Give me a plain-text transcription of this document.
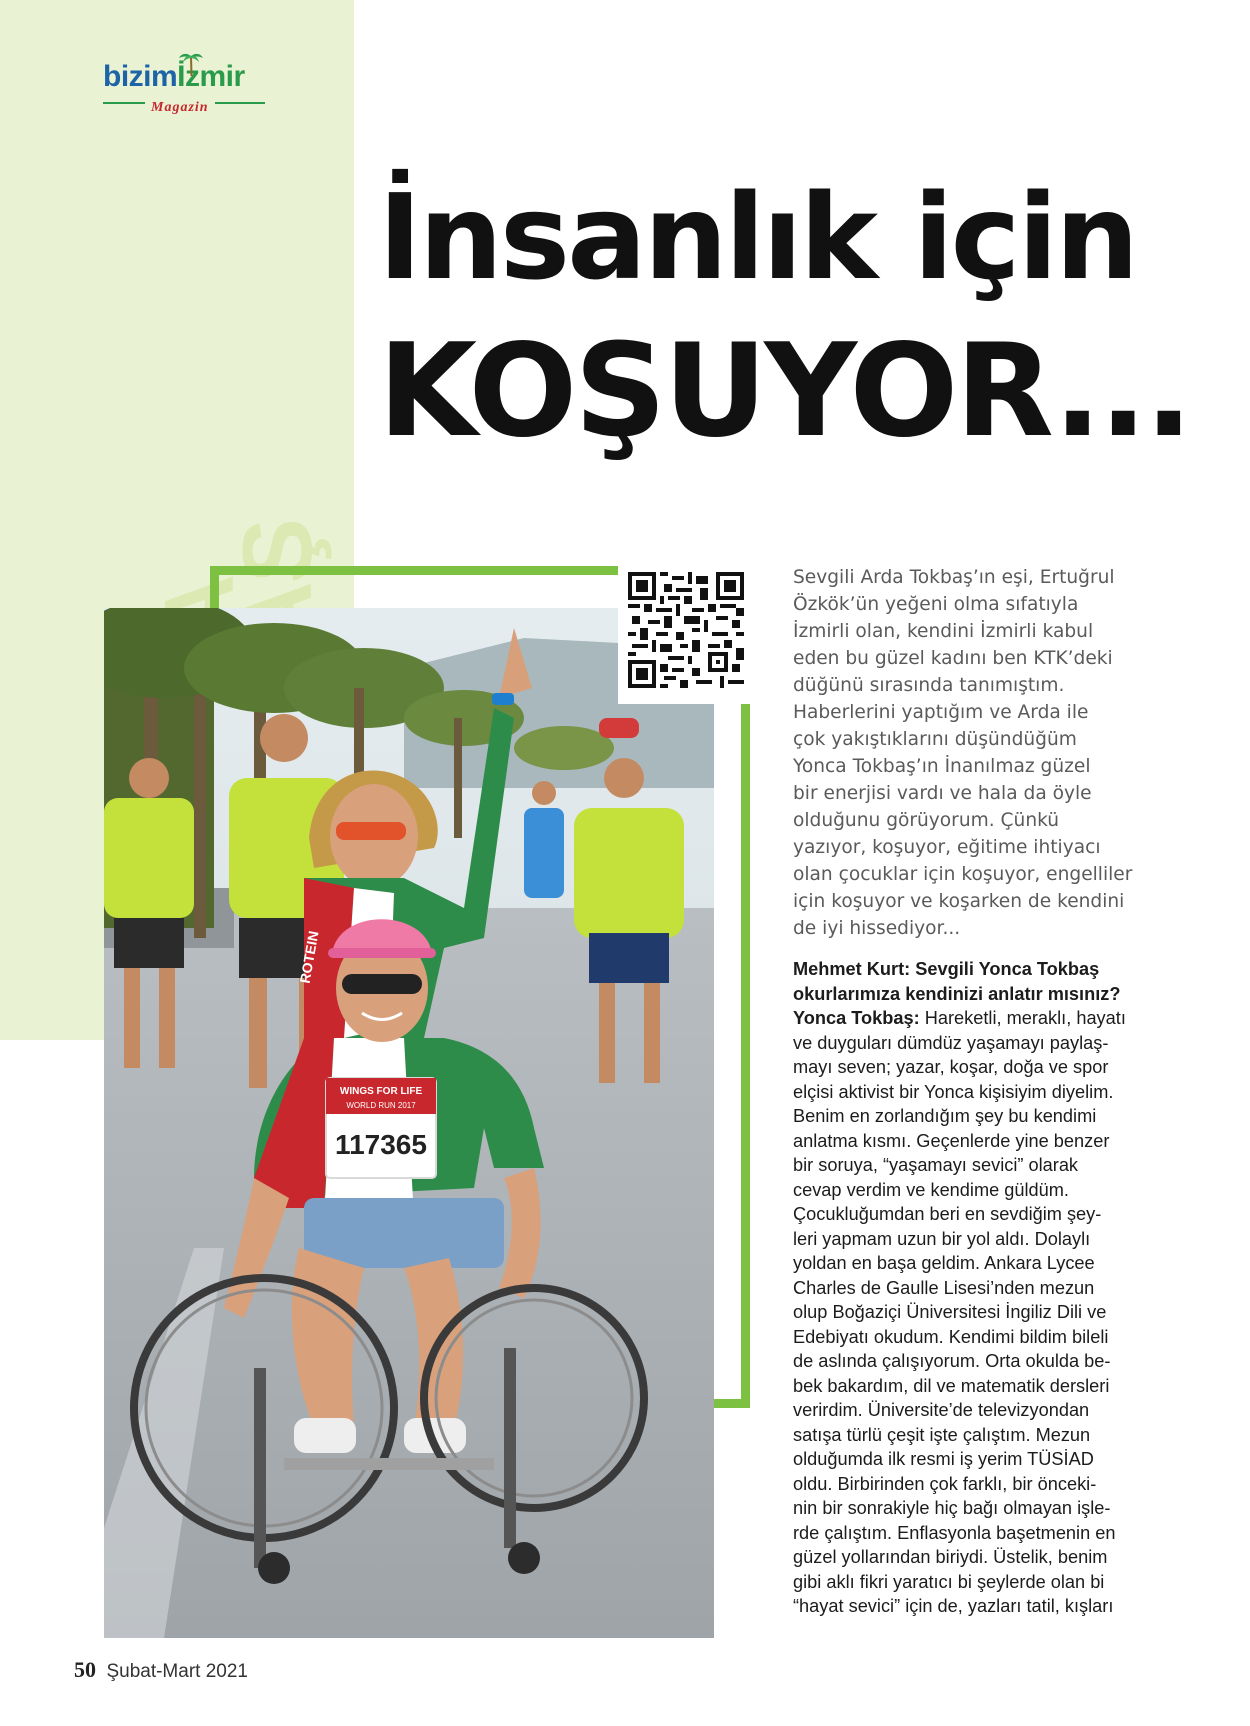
bizimİzmir
Magazin
İnsanlık için
KOŞUYOR...
WINGS FOR LIFE
WORLD RUN 2017
117365
ROTEIN

Sevgili Arda Tokbaş’ın eşi, Ertuğrul

Özkök’ün yeğeni olma sıfatıyla

İzmirli olan, kendini İzmirli kabul

eden bu güzel kadını ben KTK’deki

düğünü sırasında tanımıştım.

Haberlerini yaptığım ve Arda ile

çok yakıştıklarını düşündüğüm

Yonca Tokbaş’ın İnanılmaz güzel

bir enerjisi vardı ve hala da öyle

olduğunu görüyorum. Çünkü

yazıyor, koşuyor, eğitime ihtiyacı

olan çocuklar için koşuyor, engelliler

için koşuyor ve koşarken de kendini

de iyi hissediyor...

Mehmet Kurt: Sevgili Yonca Tokbaş

okurlarımıza kendinizi anlatır mısınız?

Yonca Tokbaş: Hareketli, meraklı, hayatı

ve duyguları dümdüz yaşamayı paylaş-

mayı seven; yazar, koşar, doğa ve spor

elçisi aktivist bir Yonca kişisiyim diyelim.

Benim en zorlandığım şey bu kendimi

anlatma kısmı. Geçenlerde yine benzer

bir soruya, “yaşamayı sevici” olarak

cevap verdim ve kendime güldüm.

Çocukluğumdan beri en sevdiğim şey-

leri yapmam uzun bir yol aldı. Dolaylı

yoldan en başa geldim. Ankara Lycee

Charles de Gaulle Lisesi’nden mezun

olup Boğaziçi Üniversitesi İngiliz Dili ve

Edebiyatı okudum. Kendimi bildim bileli

de aslında çalışıyorum. Orta okulda be-

bek bakardım, dil ve matematik dersleri

verirdim. Üniversite’de televizyondan

satışa türlü çeşit işte çalıştım. Mezun

olduğumda ilk resmi iş yerim TÜSİAD

oldu. Birbirinden çok farklı, bir önceki-

nin bir sonrakiyle hiç bağı olmayan işle-

rde çalıştım. Enflasyonla başetmenin en

güzel yollarından biriydi. Üstelik, benim

gibi aklı fikri yaratıcı bi şeylerde olan bi

“hayat sevici” için de, yazları tatil, kışları

50 Şubat-Mart 2021
